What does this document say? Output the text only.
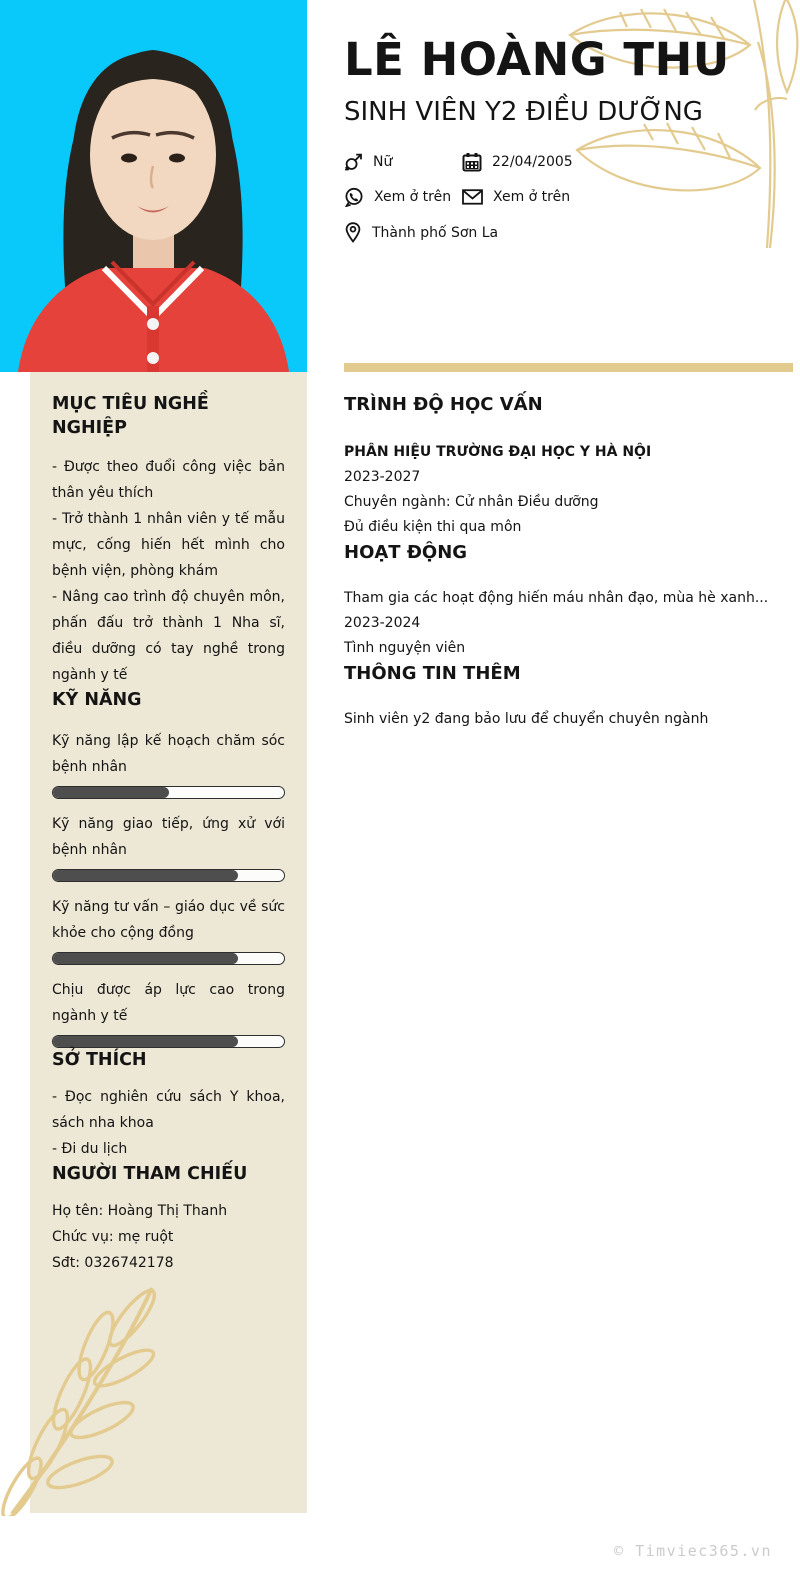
LÊ HOÀNG THU
SINH VIÊN Y2 ĐIỀU DƯỠNG
Nữ	22/04/2005
Xem ở trên	Xem ở trên
Thành phố Sơn La
MỤC TIÊU NGHỀ NGHIỆP

- Được theo đuổi công việc bản thân yêu thích

- Trở thành 1 nhân viên y tế mẫu mực, cống hiến hết mình cho bệnh viện, phòng khám

- Nâng cao trình độ chuyên môn, phấn đấu trở thành 1 Nha sĩ, điều dưỡng có tay nghề trong ngành y tế

KỸ NĂNG

Kỹ năng lập kế hoạch chăm sóc bệnh nhân

Kỹ năng giao tiếp, ứng xử với bệnh nhân

Kỹ năng tư vấn – giáo dục về sức khỏe cho cộng đồng

Chịu được áp lực cao trong ngành y tế

SỞ THÍCH

- Đọc nghiên cứu sách Y khoa, sách nha khoa

- Đi du lịch

NGƯỜI THAM CHIẾU

Họ tên: Hoàng Thị Thanh

Chức vụ: mẹ ruột

Sđt: 0326742178

TRÌNH ĐỘ HỌC VẤN

PHÂN HIỆU TRƯỜNG ĐẠI HỌC Y HÀ NỘI

2023-2027

Chuyên ngành: Cử nhân Điều dưỡng

Đủ điều kiện thi qua môn

HOẠT ĐỘNG

Tham gia các hoạt động hiến máu nhân đạo, mùa hè xanh...

2023-2024

Tình nguyện viên

THÔNG TIN THÊM

Sinh viên y2 đang bảo lưu để chuyển chuyên ngành

© Timviec365.vn
